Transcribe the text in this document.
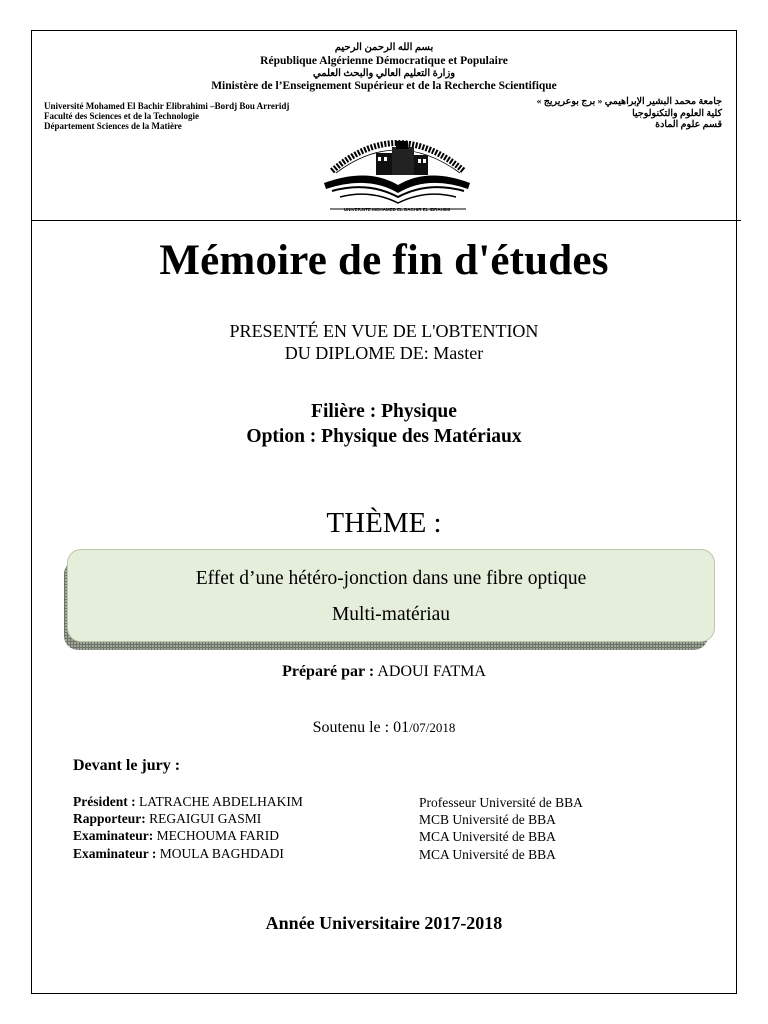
بسم الله الرحمن الرحيم
République Algérienne Démocratique et Populaire
وزارة التعليم العالي والبحث العلمي
Ministère de l’Enseignement Supérieur et de la Recherche Scientifique
Université Mohamed El Bachir Elibrahimi –Bordj Bou Arreridj
Faculté des Sciences et de la Technologie
Département Sciences de la Matière
جامعة محمد البشير الإبراهيمي « برج بوعريريج »
كلية العلوم والتكنولوجيا
قسم علوم المادة
UNIVERSITE MOHAMED EL BACHIR EL IBRAHIMI
Mémoire de fin d'études
PRESENTÉ EN VUE DE L'OBTENTION
DU DIPLOME DE: Master
Filière : Physique
Option : Physique des Matériaux
THÈME :
Effet d’une hétéro-jonction dans une fibre optique
Multi-matériau
Préparé par : ADOUI FATMA
Soutenu le : 01/07/2018
Devant le jury :
Président : LATRACHE ABDELHAKIM
Rapporteur: REGAIGUI GASMI
Examinateur: MECHOUMA FARID
Examinateur : MOULA BAGHDADI
Professeur Université de BBA
MCB Université de BBA
MCA Université de BBA
MCA Université de BBA
Année Universitaire 2017-2018
